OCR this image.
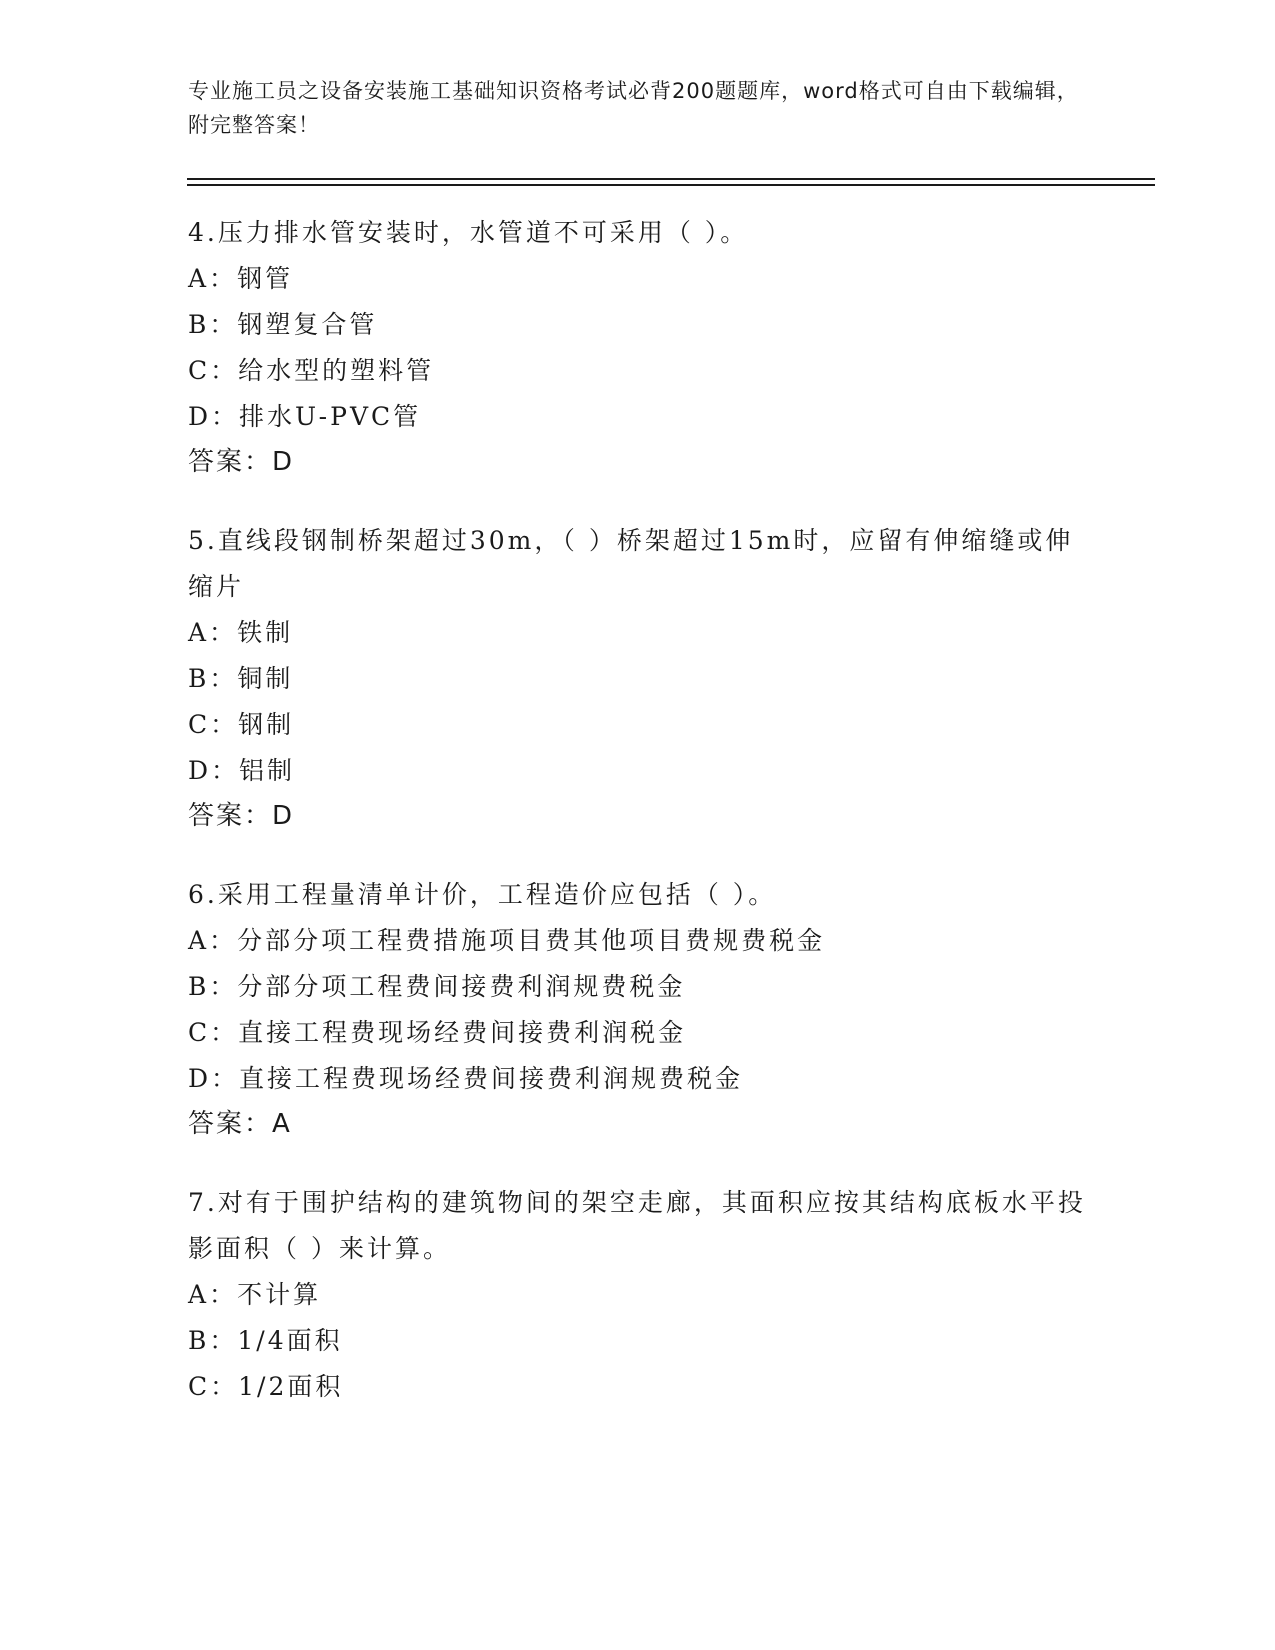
专业施工员之设备安装施工基础知识资格考试必背200题题库，word格式可自由下载编辑，附完整答案！
4.压力排水管安装时，水管道不可采用（ ）。
A：钢管
B：钢塑复合管
C：给水型的塑料管
D：排水U-PVC管
答案：D
5.直线段钢制桥架超过30m，（ ）桥架超过15m时，应留有伸缩缝或伸缩片
A：铁制
B：铜制
C：钢制
D：铝制
答案：D
6.采用工程量清单计价，工程造价应包括（ ）。
A：分部分项工程费措施项目费其他项目费规费税金
B：分部分项工程费间接费利润规费税金
C：直接工程费现场经费间接费利润税金
D：直接工程费现场经费间接费利润规费税金
答案：A
7.对有于围护结构的建筑物间的架空走廊，其面积应按其结构底板水平投影面积（ ）来计算。
A：不计算
B：1/4面积
C：1/2面积
